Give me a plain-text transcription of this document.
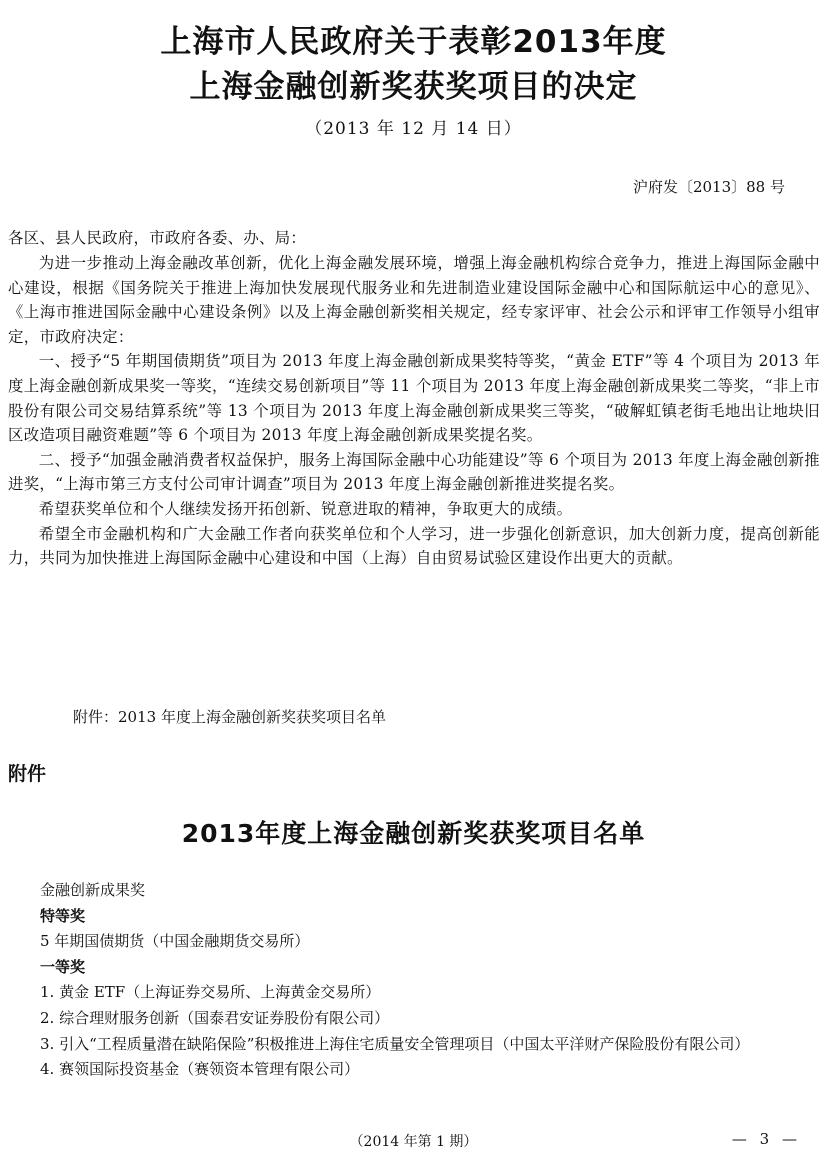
上海市人民政府关于表彰2013年度
上海金融创新奖获奖项目的决定
（2013 年 12 月 14 日）
沪府发〔2013〕88 号

各区、县人民政府，市政府各委、办、局：

为进一步推动上海金融改革创新，优化上海金融发展环境，增强上海金融机构综合竞争力，推进上海国际金融中心建设，根据《国务院关于推进上海加快发展现代服务业和先进制造业建设国际金融中心和国际航运中心的意见》、《上海市推进国际金融中心建设条例》以及上海金融创新奖相关规定，经专家评审、社会公示和评审工作领导小组审定，市政府决定：

一、授予“5 年期国债期货”项目为 2013 年度上海金融创新成果奖特等奖，“黄金 ETF”等 4 个项目为 2013 年度上海金融创新成果奖一等奖，“连续交易创新项目”等 11 个项目为 2013 年度上海金融创新成果奖二等奖，“非上市股份有限公司交易结算系统”等 13 个项目为 2013 年度上海金融创新成果奖三等奖，“破解虹镇老街毛地出让地块旧区改造项目融资难题”等 6 个项目为 2013 年度上海金融创新成果奖提名奖。

二、授予“加强金融消费者权益保护，服务上海国际金融中心功能建设”等 6 个项目为 2013 年度上海金融创新推进奖，“上海市第三方支付公司审计调查”项目为 2013 年度上海金融创新推进奖提名奖。

希望获奖单位和个人继续发扬开拓创新、锐意进取的精神，争取更大的成绩。

希望全市金融机构和广大金融工作者向获奖单位和个人学习，进一步强化创新意识，加大创新力度，提高创新能力，共同为加快推进上海国际金融中心建设和中国（上海）自由贸易试验区建设作出更大的贡献。

附件：2013 年度上海金融创新奖获奖项目名单
附件
2013年度上海金融创新奖获奖项目名单
金融创新成果奖
特等奖
5 年期国债期货（中国金融期货交易所）
一等奖
1. 黄金 ETF（上海证券交易所、上海黄金交易所）
2. 综合理财服务创新（国泰君安证券股份有限公司）
3. 引入“工程质量潜在缺陷保险”积极推进上海住宅质量安全管理项目（中国太平洋财产保险股份有限公司）
4. 赛领国际投资基金（赛领资本管理有限公司）
（2014 年第 1 期）	— 3 —
